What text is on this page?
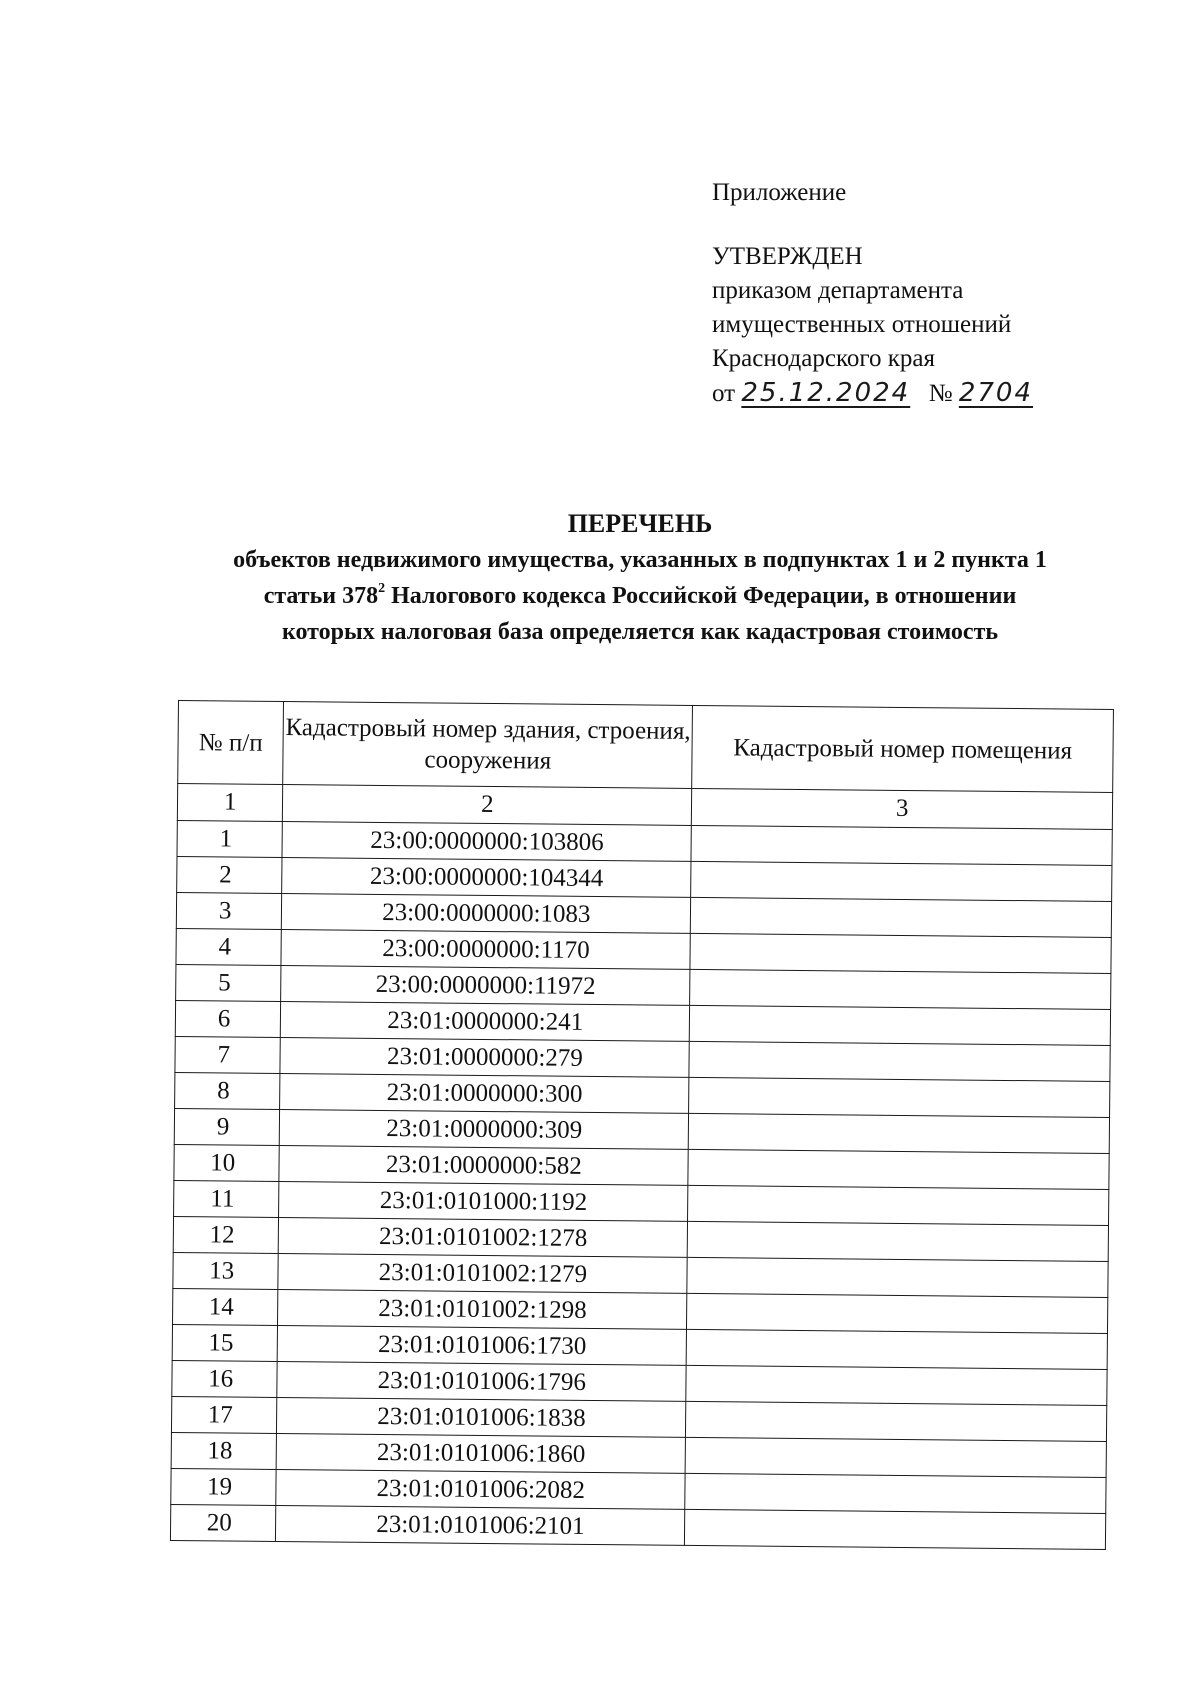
Приложение
УТВЕРЖДЕН
приказом департамента
имущественных отношений
Краснодарского края
от 25.12.2024 № 2704
ПЕРЕЧЕНЬ
объектов недвижимого имущества, указанных в подпунктах 1 и 2 пункта 1
статьи $378^2$ Налогового кодекса Российской Федерации, в отношении
которых налоговая база определяется как кадастровая стоимость
№ п/п	Кадастровый номер здания, строения, сооружения	Кадастровый номер помещения
1	2	3
1	23:00:0000000:103806	
2	23:00:0000000:104344	
3	23:00:0000000:1083	
4	23:00:0000000:1170	
5	23:00:0000000:11972	
6	23:01:0000000:241	
7	23:01:0000000:279	
8	23:01:0000000:300	
9	23:01:0000000:309	
10	23:01:0000000:582	
11	23:01:0101000:1192	
12	23:01:0101002:1278	
13	23:01:0101002:1279	
14	23:01:0101002:1298	
15	23:01:0101006:1730	
16	23:01:0101006:1796	
17	23:01:0101006:1838	
18	23:01:0101006:1860	
19	23:01:0101006:2082	
20	23:01:0101006:2101	
